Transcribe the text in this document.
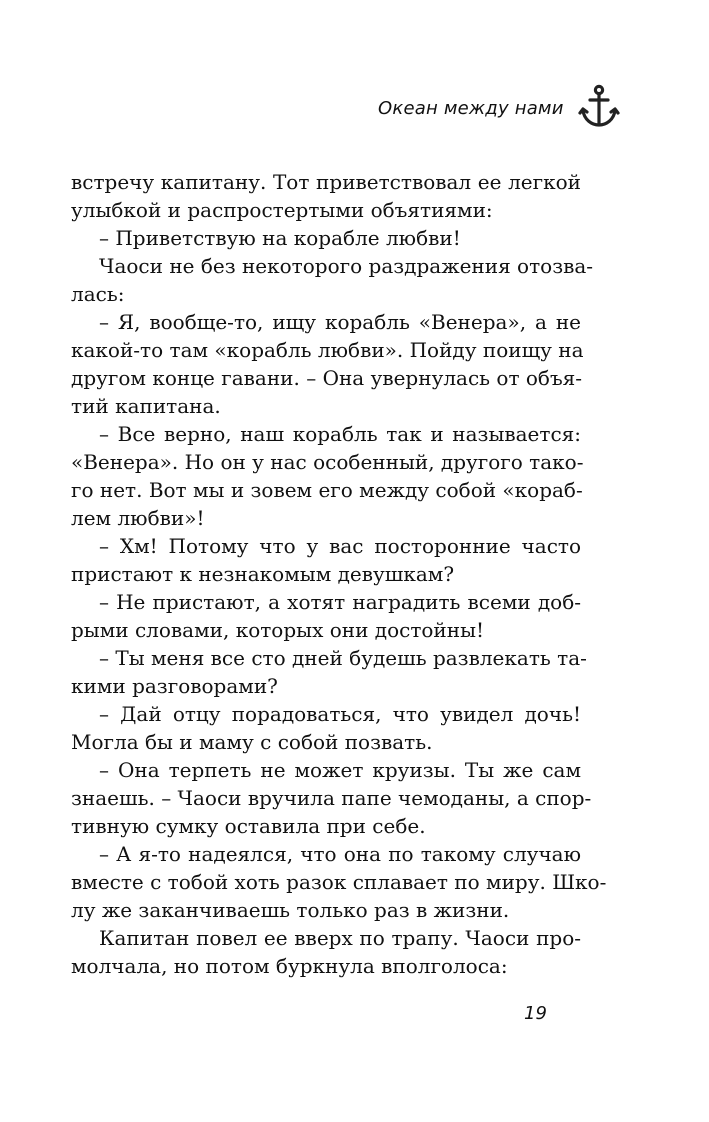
Океан между нами
встречу капитану. Тот приветствовал ее легкой
улыбкой и распростертыми объятиями:
– Приветствую на корабле любви!
Чаоси не без некоторого раздражения отозва-
лась:
– Я, вообще-то, ищу корабль «Венера», а не
какой-то там «корабль любви». Пойду поищу на
другом конце гавани. – Она увернулась от объя-
тий капитана.
– Все верно, наш корабль так и называется:
«Венера». Но он у нас особенный, другого тако-
го нет. Вот мы и зовем его между собой «кораб-
лем любви»!
– Хм! Потому что у вас посторонние часто
пристают к незнакомым девушкам?
– Не пристают, а хотят наградить всеми доб-
рыми словами, которых они достойны!
– Ты меня все сто дней будешь развлекать та-
кими разговорами?
– Дай отцу порадоваться, что увидел дочь!
Могла бы и маму с собой позвать.
– Она терпеть не может круизы. Ты же сам
знаешь. – Чаоси вручила папе чемоданы, а спор-
тивную сумку оставила при себе.
– А я-то надеялся, что она по такому случаю
вместе с тобой хоть разок сплавает по миру. Шко-
лу же заканчиваешь только раз в жизни.
Капитан повел ее вверх по трапу. Чаоси про-
молчала, но потом буркнула вполголоса:
19
